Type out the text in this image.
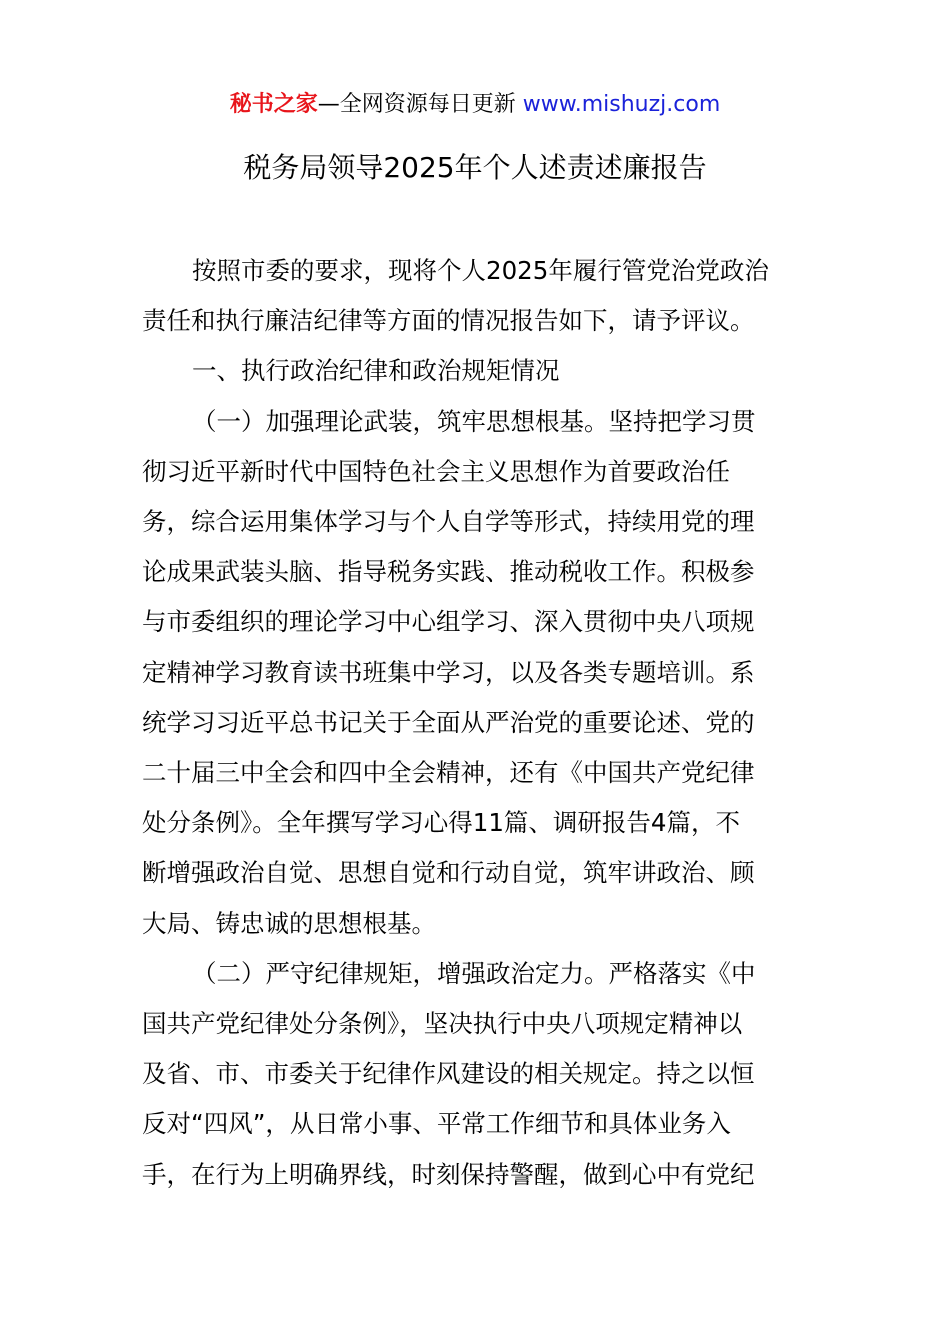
秘书之家—全网资源每日更新 www.mishuzj.com
税务局领导2025年个人述责述廉报告
按照市委的要求，现将个人2025年履行管党治党政治
责任和执行廉洁纪律等方面的情况报告如下，请予评议。
一、执行政治纪律和政治规矩情况
（一）加强理论武装，筑牢思想根基。坚持把学习贯
彻习近平新时代中国特色社会主义思想作为首要政治任
务，综合运用集体学习与个人自学等形式，持续用党的理
论成果武装头脑、指导税务实践、推动税收工作。积极参
与市委组织的理论学习中心组学习、深入贯彻中央八项规
定精神学习教育读书班集中学习，以及各类专题培训。系
统学习习近平总书记关于全面从严治党的重要论述、党的
二十届三中全会和四中全会精神，还有《中国共产党纪律
处分条例》。全年撰写学习心得11篇、调研报告4篇，不
断增强政治自觉、思想自觉和行动自觉，筑牢讲政治、顾
大局、铸忠诚的思想根基。
（二）严守纪律规矩，增强政治定力。严格落实《中
国共产党纪律处分条例》，坚决执行中央八项规定精神以
及省、市、市委关于纪律作风建设的相关规定。持之以恒
反对“四风”，从日常小事、平常工作细节和具体业务入
手，在行为上明确界线，时刻保持警醒，做到心中有党纪
